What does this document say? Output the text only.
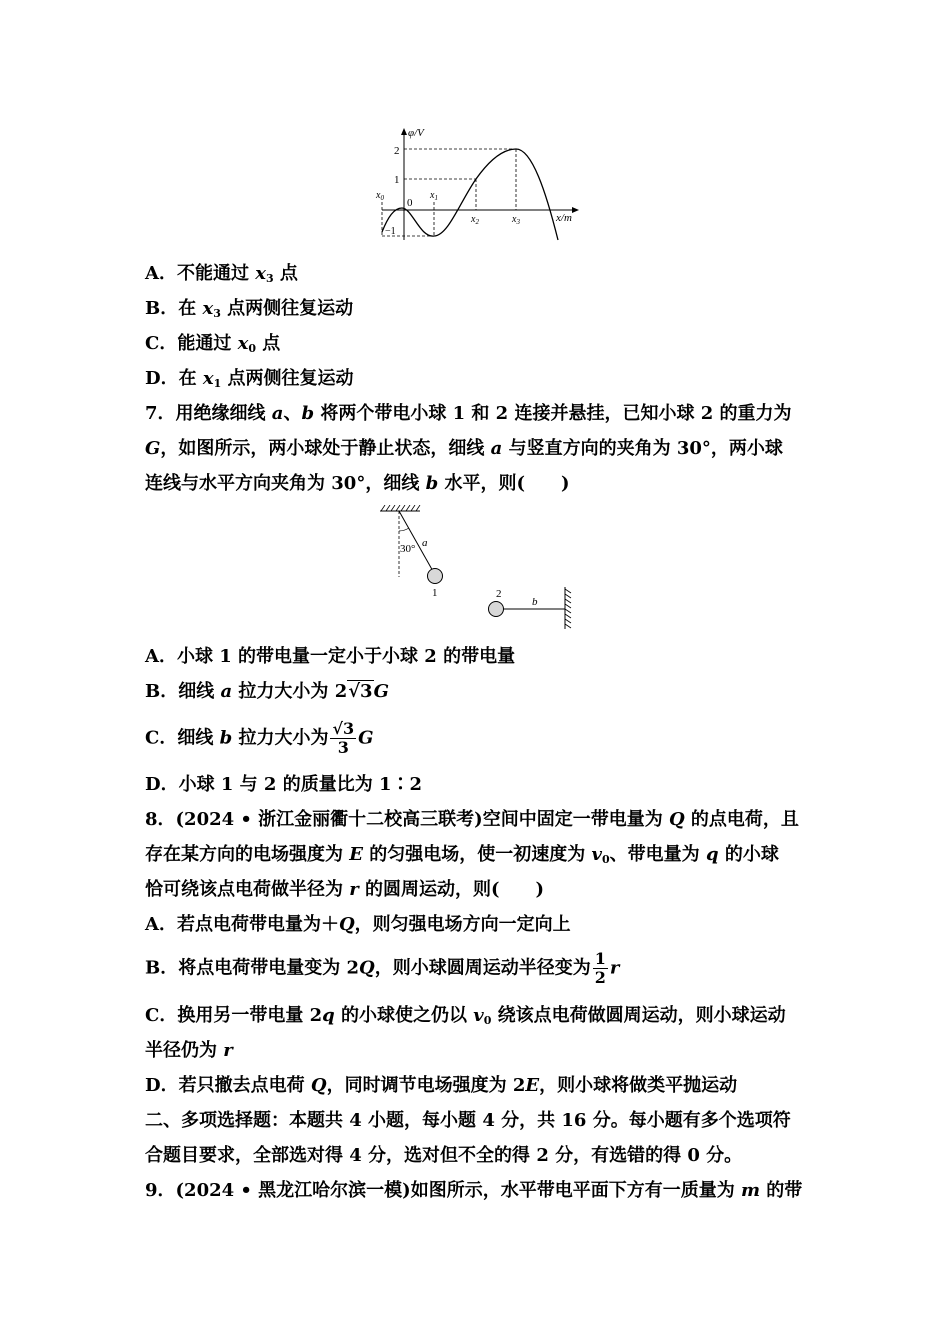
φ/V
2
1
−1
0
x/m
$x_0$	$x_1$
$x_2$	$x_3$
A．不能通过 $x_3$ 点
B．在 $x_3$ 点两侧往复运动
C．能通过 $x_0$ 点
D．在 $x_1$ 点两侧往复运动
7．用绝缘细线 a、b 将两个带电小球 1 和 2 连接并悬挂，已知小球 2 的重力为
G，如图所示，两小球处于静止状态，细线 a 与竖直方向的夹角为 30°，两小球
连线与水平方向夹角为 30°，细线 b 水平，则(　　)
30° a
1	2
b
A．小球 1 的带电量一定小于小球 2 的带电量
B．细线 a 拉力大小为 2√3G
C．细线 b 拉力大小为 $\frac{√3}{3}$ G
D．小球 1 与 2 的质量比为 1∶2
8．(2024 • 浙江金丽衢十二校高三联考)空间中固定一带电量为 Q 的点电荷，且
存在某方向的电场强度为 E 的匀强电场，使一初速度为 $v_0$、带电量为 q 的小球
恰可绕该点电荷做半径为 r 的圆周运动，则(　　)
A．若点电荷带电量为＋Q，则匀强电场方向一定向上
B．将点电荷带电量变为 2Q，则小球圆周运动半径变为 $\frac{1}{2}$ r
C．换用另一带电量 2q 的小球使之仍以 $v_0$ 绕该点电荷做圆周运动，则小球运动
半径仍为 r
D．若只撤去点电荷 Q，同时调节电场强度为 2E，则小球将做类平抛运动
二、多项选择题：本题共 4 小题，每小题 4 分，共 16 分。每小题有多个选项符
合题目要求，全部选对得 4 分，选对但不全的得 2 分，有选错的得 0 分。
9．(2024 • 黑龙江哈尔滨一模)如图所示，水平带电平面下方有一质量为 m 的带
